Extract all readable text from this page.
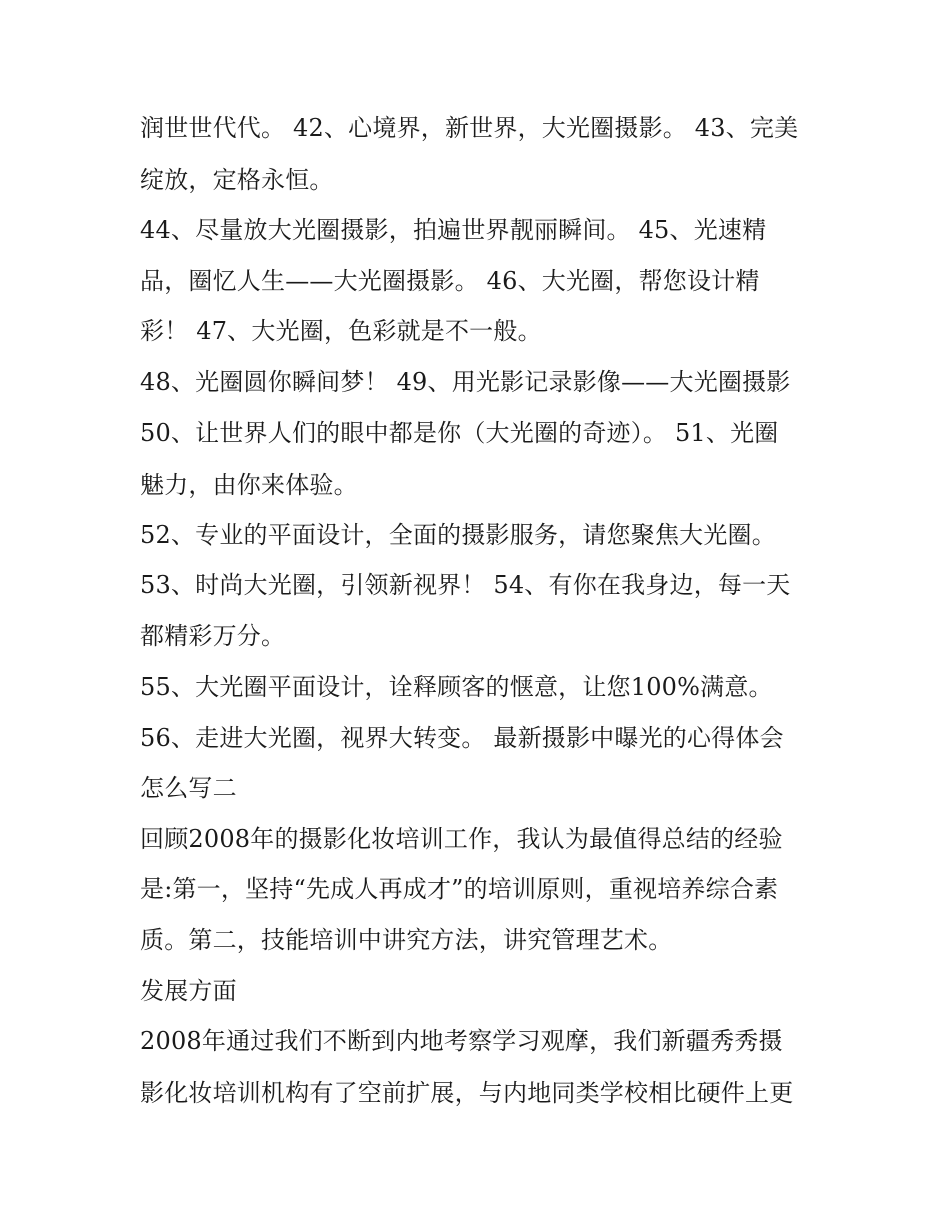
润世世代代。 42、心境界，新世界，大光圈摄影。 43、完美
绽放，定格永恒。
44、尽量放大光圈摄影，拍遍世界靓丽瞬间。 45、光速精
品，圈忆人生——大光圈摄影。 46、大光圈，帮您设计精
彩！ 47、大光圈，色彩就是不一般。
48、光圈圆你瞬间梦！ 49、用光影记录影像——大光圈摄影
50、让世界人们的眼中都是你（大光圈的奇迹）。 51、光圈
魅力，由你来体验。
52、专业的平面设计，全面的摄影服务，请您聚焦大光圈。
53、时尚大光圈，引领新视界！ 54、有你在我身边，每一天
都精彩万分。
55、大光圈平面设计，诠释顾客的惬意，让您100%满意。
56、走进大光圈，视界大转变。 最新摄影中曝光的心得体会
怎么写二
回顾2008年的摄影化妆培训工作，我认为最值得总结的经验
是:第一，坚持“先成人再成才”的培训原则，重视培养综合素
质。第二，技能培训中讲究方法，讲究管理艺术。
发展方面
2008年通过我们不断到内地考察学习观摩，我们新疆秀秀摄
影化妆培训机构有了空前扩展，与内地同类学校相比硬件上更
